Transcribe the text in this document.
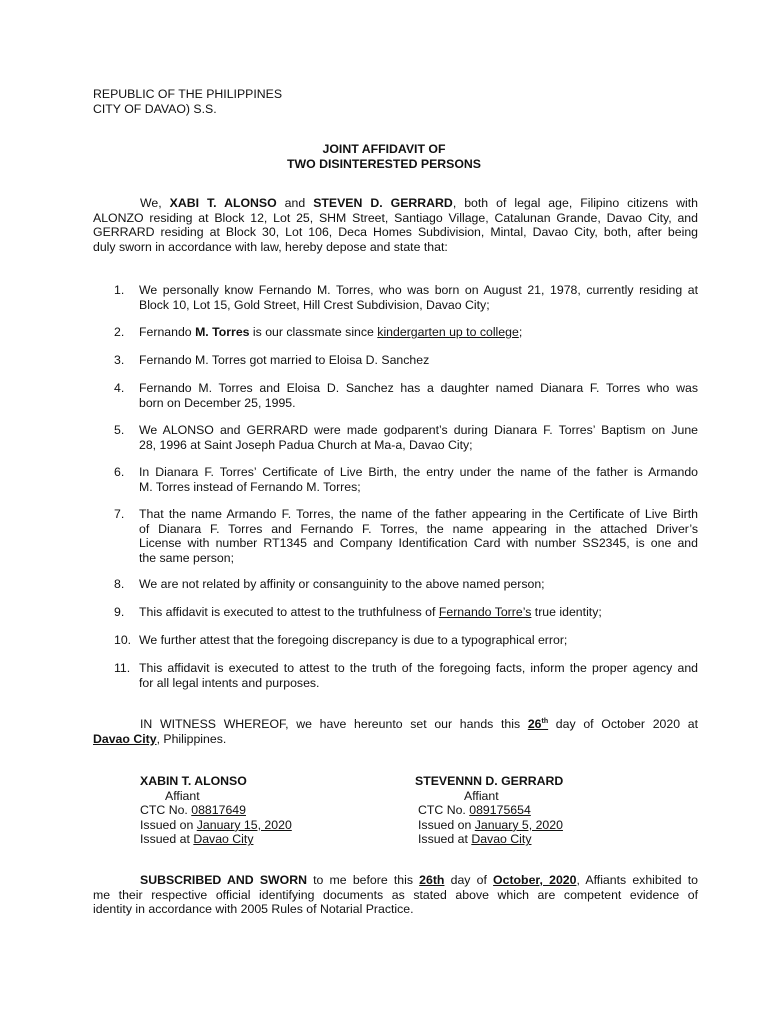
REPUBLIC OF THE PHILIPPINES
CITY OF DAVAO) S.S.
JOINT AFFIDAVIT OF
TWO DISINTERESTED PERSONS
We, XABI T. ALONSO and STEVEN D. GERRARD, both of legal age, Filipino citizens with
ALONZO residing at Block 12, Lot 25, SHM Street, Santiago Village, Catalunan Grande, Davao City, and
GERRARD residing at Block 30, Lot 106, Deca Homes Subdivision, Mintal, Davao City, both, after being
duly sworn in accordance with law, hereby depose and state that:
1. We personally know Fernando M. Torres, who was born on August 21, 1978, currently residing at
Block 10, Lot 15, Gold Street, Hill Crest Subdivision, Davao City;
2. Fernando M. Torres is our classmate since kindergarten up to college;
3. Fernando M. Torres got married to Eloisa D. Sanchez
4. Fernando M. Torres and Eloisa D. Sanchez has a daughter named Dianara F. Torres who was
born on December 25, 1995.
5. We ALONSO and GERRARD were made godparent’s during Dianara F. Torres’ Baptism on June
28, 1996 at Saint Joseph Padua Church at Ma-a, Davao City;
6. In Dianara F. Torres’ Certificate of Live Birth, the entry under the name of the father is Armando
M. Torres instead of Fernando M. Torres;
7. That the name Armando F. Torres, the name of the father appearing in the Certificate of Live Birth
of Dianara F. Torres and Fernando F. Torres, the name appearing in the attached Driver’s
License with number RT1345 and Company Identification Card with number SS2345, is one and
the same person;
8. We are not related by affinity or consanguinity to the above named person;
9. This affidavit is executed to attest to the truthfulness of Fernando Torre’s true identity;
10. We further attest that the foregoing discrepancy is due to a typographical error;
11. This affidavit is executed to attest to the truth of the foregoing facts, inform the proper agency and
for all legal intents and purposes.
IN WITNESS WHEREOF, we have hereunto set our hands this 26th day of October 2020 at
Davao City, Philippines.
XABIN T. ALONSO
Affiant
CTC No. 08817649
Issued on January 15, 2020
Issued at Davao City
STEVENNN D. GERRARD
Affiant
CTC No. 089175654
Issued on January 5, 2020
Issued at Davao City
SUBSCRIBED AND SWORN to me before this 26th day of October, 2020, Affiants exhibited to
me their respective official identifying documents as stated above which are competent evidence of
identity in accordance with 2005 Rules of Notarial Practice.
